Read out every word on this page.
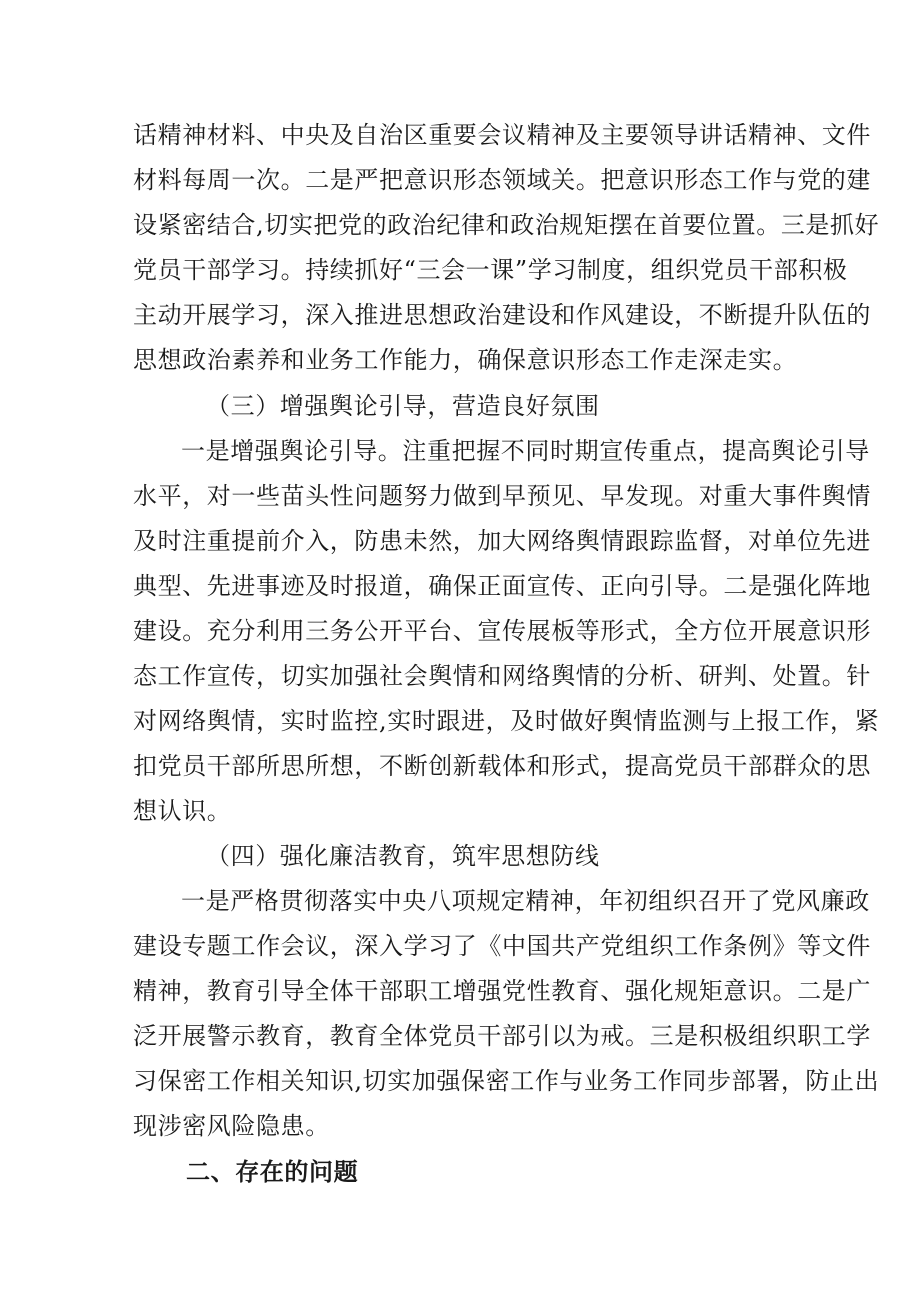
话精神材料、中央及自治区重要会议精神及主要领导讲话精神、文件
材料每周一次。二是严把意识形态领域关。把意识形态工作与党的建
设紧密结合,切实把党的政治纪律和政治规矩摆在首要位置。三是抓好
党员干部学习。持续抓好“三会一课”学习制度，组织党员干部积极
主动开展学习，深入推进思想政治建设和作风建设，不断提升队伍的
思想政治素养和业务工作能力，确保意识形态工作走深走实。
（三）增强舆论引导，营造良好氛围
一是增强舆论引导。注重把握不同时期宣传重点，提高舆论引导
水平，对一些苗头性问题努力做到早预见、早发现。对重大事件舆情
及时注重提前介入，防患未然，加大网络舆情跟踪监督，对单位先进
典型、先进事迹及时报道，确保正面宣传、正向引导。二是强化阵地
建设。充分利用三务公开平台、宣传展板等形式，全方位开展意识形
态工作宣传，切实加强社会舆情和网络舆情的分析、研判、处置。针
对网络舆情，实时监控,实时跟进，及时做好舆情监测与上报工作，紧
扣党员干部所思所想，不断创新载体和形式，提高党员干部群众的思
想认识。
（四）强化廉洁教育，筑牢思想防线
一是严格贯彻落实中央八项规定精神，年初组织召开了党风廉政
建设专题工作会议，深入学习了《中国共产党组织工作条例》等文件
精神，教育引导全体干部职工增强党性教育、强化规矩意识。二是广
泛开展警示教育，教育全体党员干部引以为戒。三是积极组织职工学
习保密工作相关知识,切实加强保密工作与业务工作同步部署，防止出
现涉密风险隐患。
二、存在的问题
